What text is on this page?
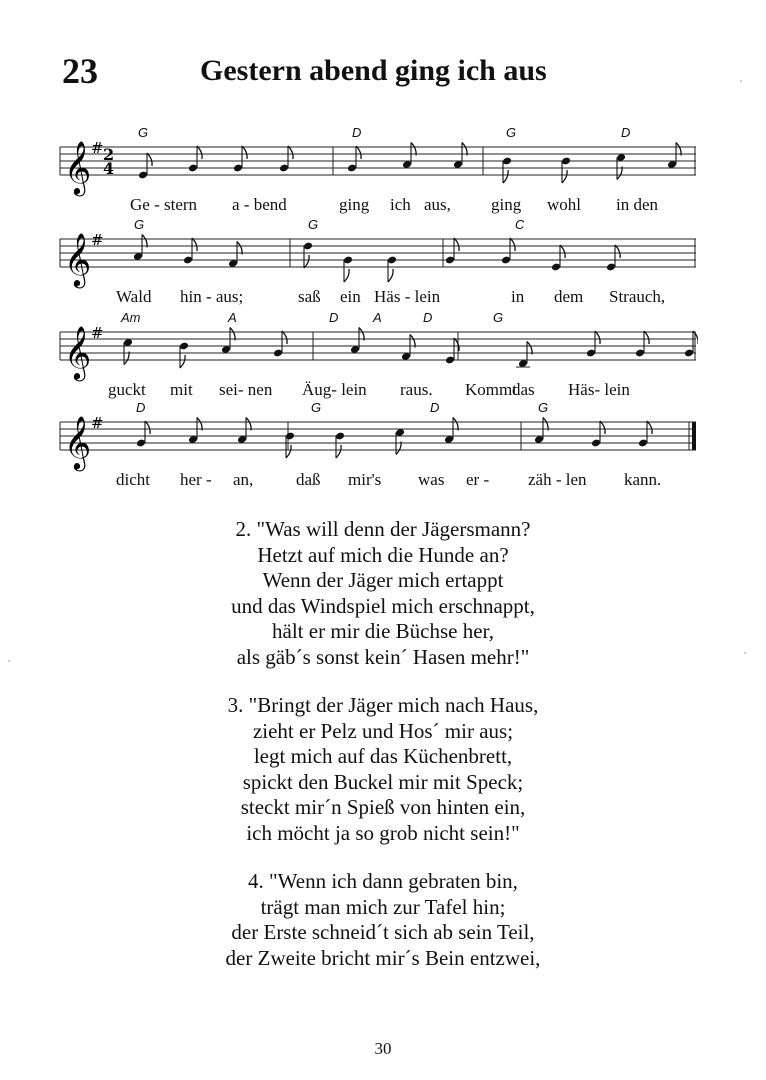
23	Gestern abend ging ich aus
𝄞 # 2
4
G	D	G	D
Ge - stern a - bend	ging ich aus, ging wohl in den
𝄞 #
G	G	C
Wald hin - aus;	saß ein Häs - lein	in dem Strauch,
𝄞 #
Am	A	D	A	D	G
guckt mit sei- nen Äug- lein raus. Kommt
das Häs- lein
𝄞 #
D	G	D	G
dicht her - an,	daß mir's was er - zäh - len kann.
2. "Was will denn der Jägersmann?
Hetzt auf mich die Hunde an?
Wenn der Jäger mich ertappt
und das Windspiel mich erschnappt,
hält er mir die Büchse her,
als gäb´s sonst kein´ Hasen mehr!"
3. "Bringt der Jäger mich nach Haus,
zieht er Pelz und Hos´ mir aus;
legt mich auf das Küchenbrett,
spickt den Buckel mir mit Speck;
steckt mir´n Spieß von hinten ein,
ich möcht ja so grob nicht sein!"
4. "Wenn ich dann gebraten bin,
trägt man mich zur Tafel hin;
der Erste schneid´t sich ab sein Teil,
der Zweite bricht mir´s Bein entzwei,
30
